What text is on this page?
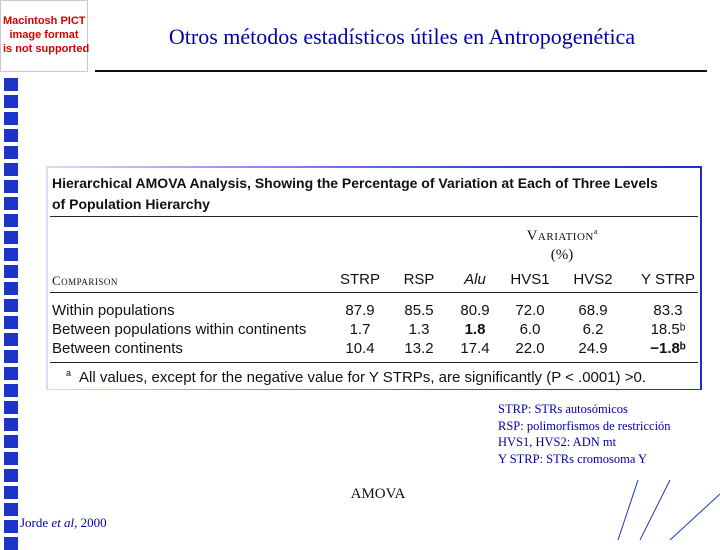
Macintosh PICT
image format
is not supported	Otros métodos estadísticos útiles en Antropogenética
Hierarchical AMOVA Analysis, Showing the Percentage of Variation at Each of Three Levels
of Population Hierarchy
Variation$^a$
(%)
Comparison	STRP	RSP	Alu	HVS1	HVS2	Y STRP
Within populations	87.9	85.5	80.9	72.0	68.9	83.3
Between populations within continents	1.7	1.3	1.8	6.0	6.2	18.5ᵇ
Between continents	10.4	13.2	17.4	22.0	24.9	−1.8ᵇ
$^a$ All values, except for the negative value for Y STRPs, are significantly (P < .0001) >0.
STRP: STRs autosómicos
RSP: polimorfismos de restricción
HVS1, HVS2: ADN mt
Y STRP: STRs cromosoma Y
AMOVA
Jorde et al, 2000
